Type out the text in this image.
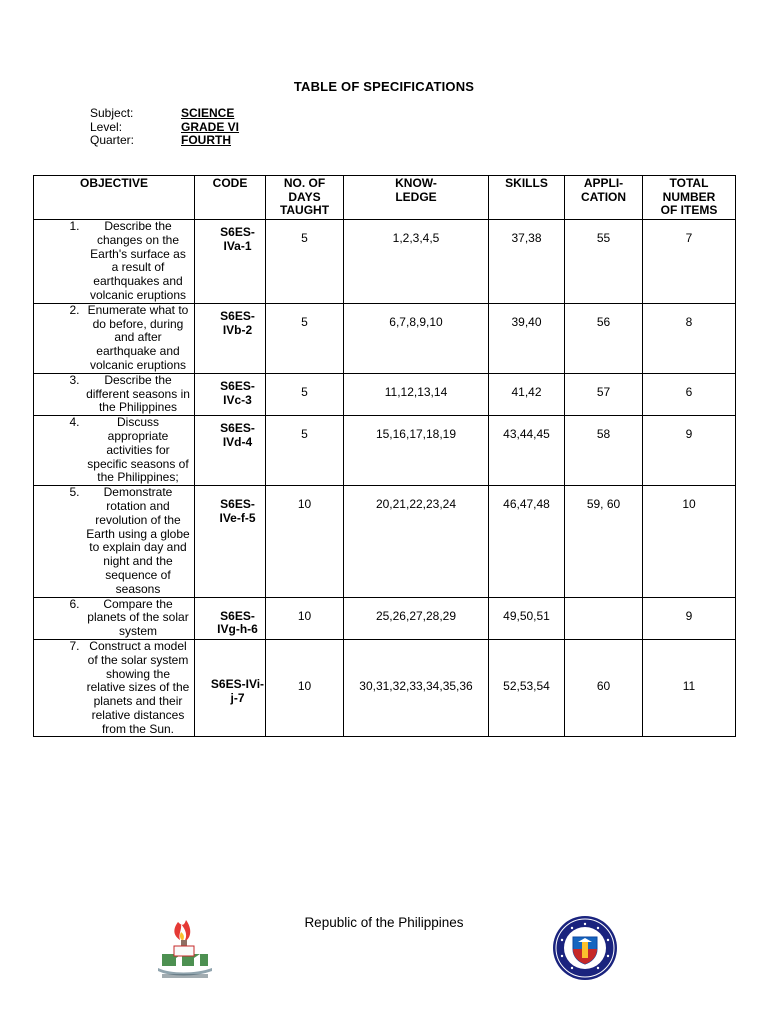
TABLE OF SPECIFICATIONS
Subject:	SCIENCE
Level:	GRADE VI
Quarter:	FOURTH
OBJECTIVE	CODE	NO. OF DAYS TAUGHT	KNOW- LEDGE	SKILLS	APPLI- CATION	TOTAL NUMBER OF ITEMS

1. Describe the changes on the Earth's surface as a result of earthquakes and volcanic eruptions	S6ES-IVa-1	5	1,2,3,4,5	37,38	55	7

2. Enumerate what to do before, during and after earthquake and volcanic eruptions	S6ES-IVb-2	5	6,7,8,9,10	39,40	56	8

3. Describe the different seasons in the Philippines	S6ES-IVc-3	5	11,12,13,14	41,42	57	6

4. Discuss appropriate activities for specific seasons of the Philippines;	S6ES-IVd-4	5	15,16,17,18,19	43,44,45	58	9

5. Demonstrate rotation and revolution of the Earth using a globe to explain day and night and the sequence of seasons	S6ES-IVe-f-5	10	20,21,22,23,24	46,47,48	59, 60	10

6. Compare the planets of the solar system	S6ES-IVg-h-6	10	25,26,27,28,29	49,50,51		9

7. Construct a model of the solar system showing the relative sizes of the planets and their relative distances from the Sun.	S6ES-IVi-j-7	10	30,31,32,33,34,35,36	52,53,54	60	11
Republic of the Philippines
